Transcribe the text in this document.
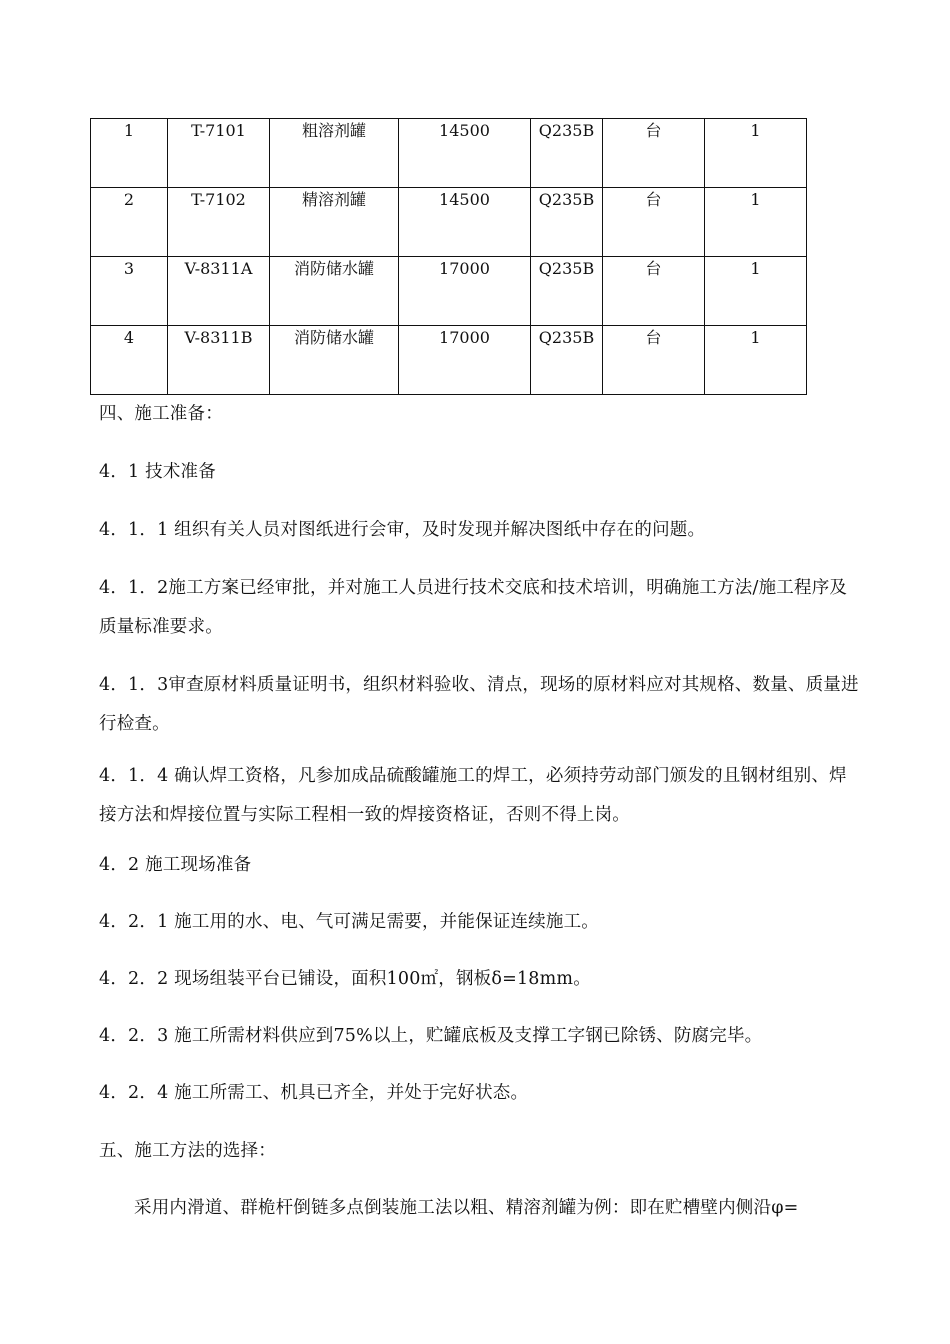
1	T-7101	粗溶剂罐	14500	Q235B	台	1
2	T-7102	精溶剂罐	14500	Q235B	台	1
3	V-8311A	消防储水罐	17000	Q235B	台	1
4	V-8311B	消防储水罐	17000	Q235B	台	1
四、施工准备：
4．1 技术准备
4．1．1 组织有关人员对图纸进行会审，及时发现并解决图纸中存在的问题。
4．1．2施工方案已经审批，并对施工人员进行技术交底和技术培训，明确施工方法/施工程序及质量标准要求。
4．1．3审查原材料质量证明书，组织材料验收、清点，现场的原材料应对其规格、数量、质量进行检查。
4．1．4 确认焊工资格，凡参加成品硫酸罐施工的焊工，必须持劳动部门颁发的且钢材组别、焊接方法和焊接位置与实际工程相一致的焊接资格证，否则不得上岗。
4．2 施工现场准备
4．2．1 施工用的水、电、气可满足需要，并能保证连续施工。
4．2．2 现场组装平台已铺设，面积100㎡，钢板δ=18mm。
4．2．3 施工所需材料供应到75%以上，贮罐底板及支撑工字钢已除锈、防腐完毕。
4．2．4 施工所需工、机具已齐全，并处于完好状态。
五、施工方法的选择：
采用内滑道、群桅杆倒链多点倒装施工法以粗、精溶剂罐为例：即在贮槽壁内侧沿φ=
